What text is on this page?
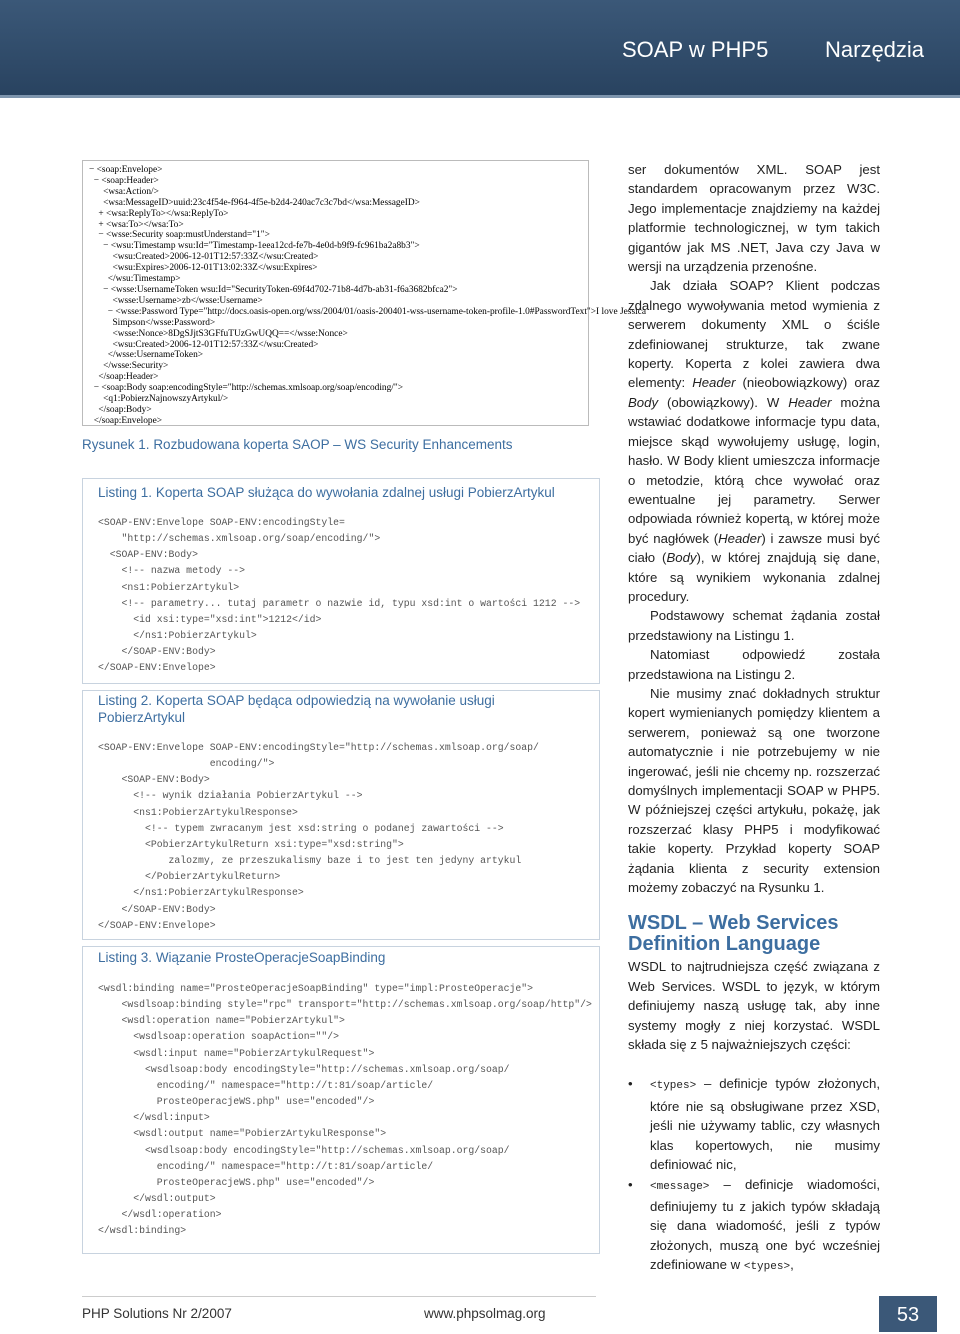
SOAP w PHP5	Narzędzia
− <soap:Envelope>
− <soap:Header>
<wsa:Action/>
<wsa:MessageID>uuid:23c4f54e-f964-4f5e-b2d4-240ac7c3c7bd</wsa:MessageID>
+ <wsa:ReplyTo></wsa:ReplyTo>
+ <wsa:To></wsa:To>
− <wsse:Security soap:mustUnderstand="1">
− <wsu:Timestamp wsu:Id="Timestamp-1eea12cd-fe7b-4e0d-b9f9-fc961ba2a8b3">
<wsu:Created>2006-12-01T12:57:33Z</wsu:Created>
<wsu:Expires>2006-12-01T13:02:33Z</wsu:Expires>
</wsu:Timestamp>
− <wsse:UsernameToken wsu:Id="SecurityToken-69f4d702-71b8-4d7b-ab31-f6a3682bfca2">
<wsse:Username>zb</wsse:Username>
− <wsse:Password Type="http://docs.oasis-open.org/wss/2004/01/oasis-200401-wss-username-token-profile-1.0#PasswordText">I love Jessica
Simpson</wsse:Password>
<wsse:Nonce>8DgSJjtS3GFfuTUzGwUQQ==</wsse:Nonce>
<wsu:Created>2006-12-01T12:57:33Z</wsu:Created>
</wsse:UsernameToken>
</wsse:Security>
</soap:Header>
− <soap:Body soap:encodingStyle="http://schemas.xmlsoap.org/soap/encoding/">
<q1:PobierzNajnowszyArtykul/>
</soap:Body>
</soap:Envelope>
Rysunek 1. Rozbudowana koperta SAOP – WS Security Enhancements
Listing 1. Koperta SOAP służąca do wywołania zdalnej usługi PobierzArtykul
<SOAP-ENV:Envelope SOAP-ENV:encodingStyle=
"http://schemas.xmlsoap.org/soap/encoding/">
<SOAP-ENV:Body>
<!-- nazwa metody -->
<ns1:PobierzArtykul>
<!-- parametry... tutaj parametr o nazwie id, typu xsd:int o wartości 1212 -->
<id xsi:type="xsd:int">1212</id>
</ns1:PobierzArtykul>
</SOAP-ENV:Body>
</SOAP-ENV:Envelope>
Listing 2. Koperta SOAP będąca odpowiedzią na wywołanie usługi PobierzArtykul
<SOAP-ENV:Envelope SOAP-ENV:encodingStyle="http://schemas.xmlsoap.org/soap/
encoding/">
<SOAP-ENV:Body>
<!-- wynik działania PobierzArtykul -->
<ns1:PobierzArtykulResponse>
<!-- typem zwracanym jest xsd:string o podanej zawartości -->
<PobierzArtykulReturn xsi:type="xsd:string">
zalozmy, ze przeszukalismy baze i to jest ten jedyny artykul
</PobierzArtykulReturn>
</ns1:PobierzArtykulResponse>
</SOAP-ENV:Body>
</SOAP-ENV:Envelope>
Listing 3. Wiązanie ProsteOperacjeSoapBinding
<wsdl:binding name="ProsteOperacjeSoapBinding" type="impl:ProsteOperacje">
<wsdlsoap:binding style="rpc" transport="http://schemas.xmlsoap.org/soap/http"/>
<wsdl:operation name="PobierzArtykul">
<wsdlsoap:operation soapAction=""/>
<wsdl:input name="PobierzArtykulRequest">
<wsdlsoap:body encodingStyle="http://schemas.xmlsoap.org/soap/
encoding/" namespace="http://t:81/soap/article/
ProsteOperacjeWS.php" use="encoded"/>
</wsdl:input>
<wsdl:output name="PobierzArtykulResponse">
<wsdlsoap:body encodingStyle="http://schemas.xmlsoap.org/soap/
encoding/" namespace="http://t:81/soap/article/
ProsteOperacjeWS.php" use="encoded"/>
</wsdl:output>
</wsdl:operation>
</wsdl:binding>

ser dokumentów XML. SOAP jest standardem opracowanym przez W3C. Jego implementacje znajdziemy na każdej platformie technologicznej, w tym takich gigantów jak MS .NET, Java czy Java w wersji na urządzenia przenośne.

Jak działa SOAP? Klient podczas zdalnego wywoływania metod wymienia z serwerem dokumenty XML o ściśle zdefiniowanej strukturze, tak zwane koperty. Koperta z kolei zawiera dwa elementy: Header (nieobowiązkowy) oraz Body (obowiązkowy). W Header można wstawiać dodatkowe informacje typu data, miejsce skąd wywołujemy usługę, login, hasło. W Body klient umieszcza informacje o metodzie, którą chce wywołać oraz ewentualne jej parametry. Serwer odpowiada również kopertą, w której może być nagłówek (Header) i zawsze musi być ciało (Body), w której znajdują się dane, które są wynikiem wykonania zdalnej procedury.

Podstawowy schemat żądania został przedstawiony na Listingu 1.

Natomiast odpowiedź została przedstawiona na Listingu 2.

Nie musimy znać dokładnych struktur kopert wymienianych pomiędzy klientem a serwerem, ponieważ są one tworzone automatycznie i nie potrzebujemy w nie ingerować, jeśli nie chcemy np. rozszerzać domyślnych implementacji SOAP w PHP5. W późniejszej części artykułu, pokażę, jak rozszerzać klasy PHP5 i modyfikować takie koperty. Przykład koperty SOAP żądania klienta z security extension możemy zobaczyć na Rysunku 1.

WSDL – Web Services Definition Language

WSDL to najtrudniejsza część związana z Web Services. WSDL to język, w którym definiujemy naszą usługę tak, aby inne systemy mogły z niej korzystać. WSDL składa się z 5 najważniejszych części:

• <types> – definicje typów złożonych, które nie są obsługiwane przez XSD, jeśli nie używamy tablic, czy własnych klas kopertowych, nie musimy definiować nic,
• <message> – definicje wiadomości, definiujemy tu z jakich typów składają się dana wiadomość, jeśli z typów złożonych, muszą one być wcześniej zdefiniowane w <types>,
PHP Solutions Nr 2/2007	www.phpsolmag.org	53
